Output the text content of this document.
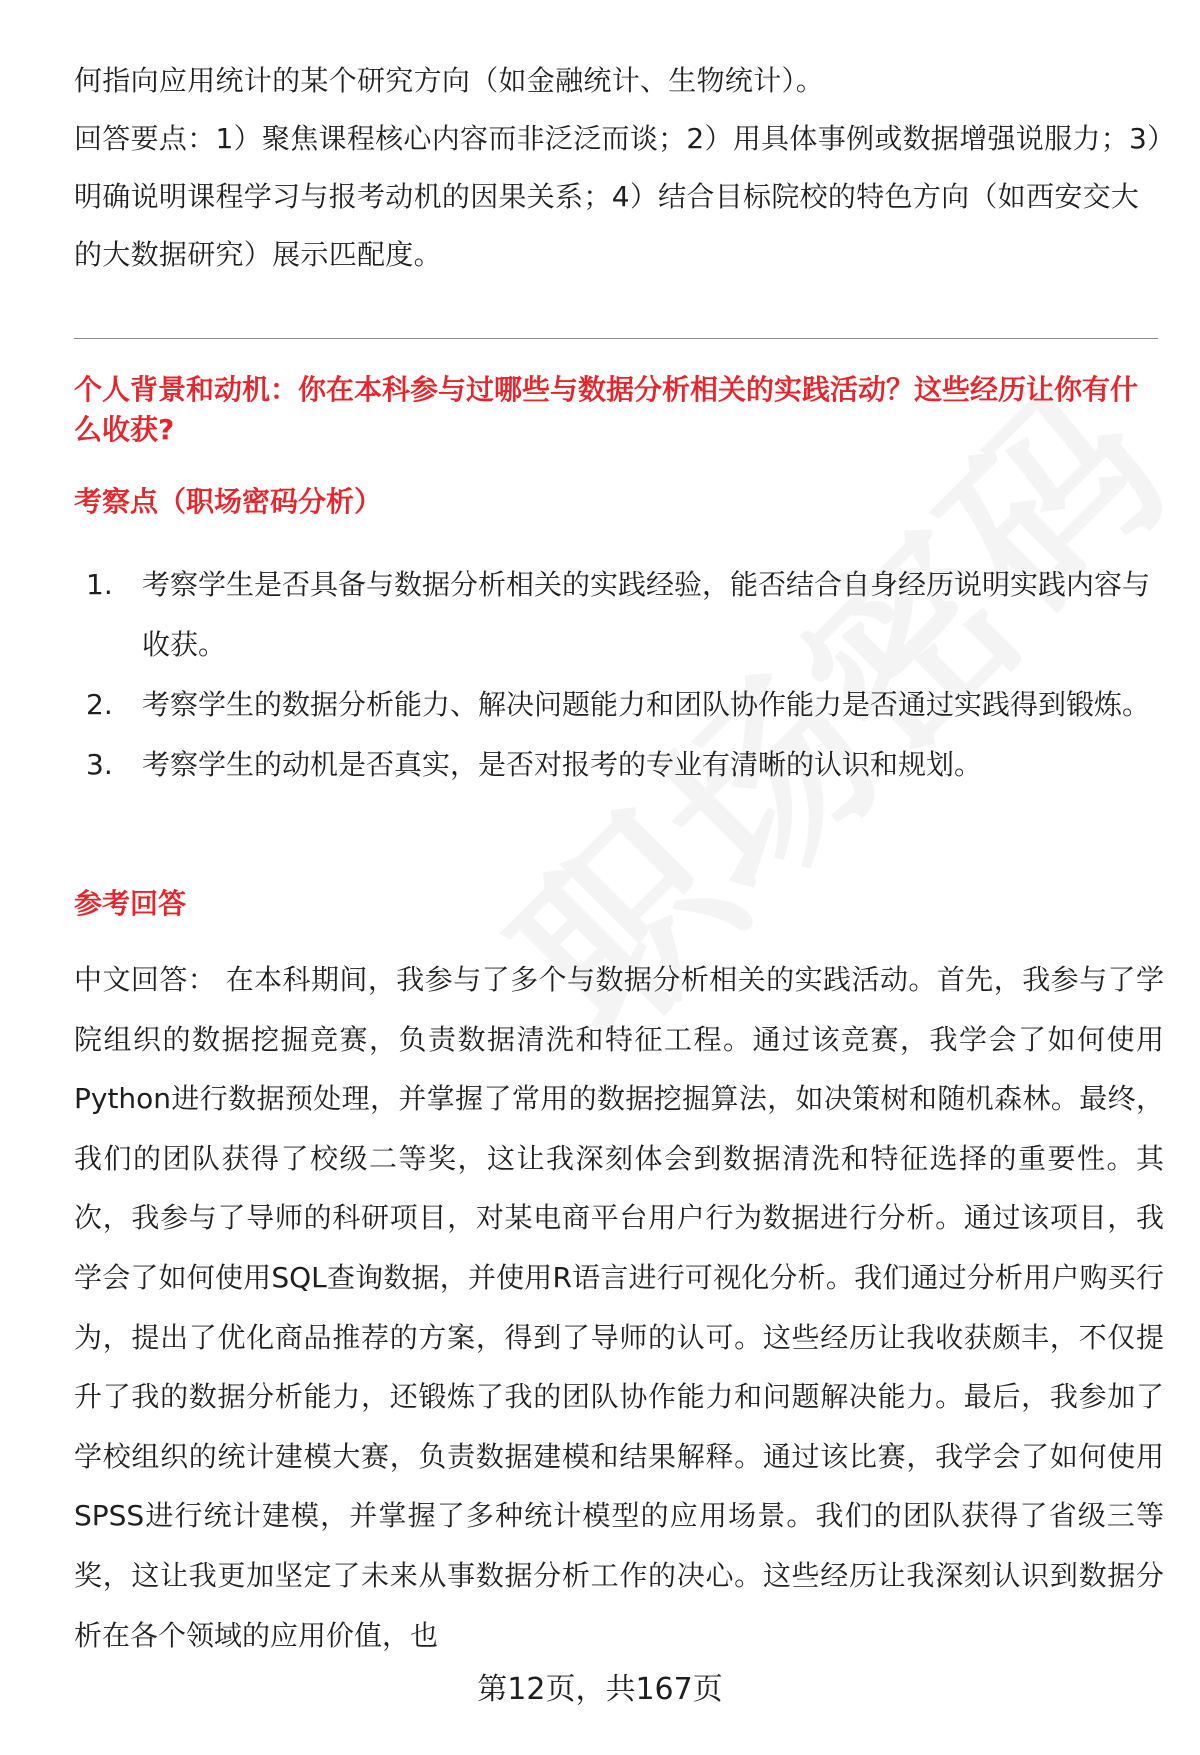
何指向应用统计的某个研究方向（如金融统计、生物统计）。

回答要点：1）聚焦课程核心内容而非泛泛而谈；2）用具体事例或数据增强说服力；3）明确说明课程学习与报考动机的因果关系；4）结合目标院校的特色方向（如西安交大的大数据研究）展示匹配度。

个人背景和动机：你在本科参与过哪些与数据分析相关的实践活动？这些经历让你有什么收获?

考察点（职场密码分析）

1.	考察学生是否具备与数据分析相关的实践经验，能否结合自身经历说明实践内容与收获。
2.	考察学生的数据分析能力、解决问题能力和团队协作能力是否通过实践得到锻炼。
3.	考察学生的动机是否真实，是否对报考的专业有清晰的认识和规划。

参考回答

中文回答： 在本科期间，我参与了多个与数据分析相关的实践活动。首先，我参与了学院组织的数据挖掘竞赛，负责数据清洗和特征工程。通过该竞赛，我学会了如何使用Python进行数据预处理，并掌握了常用的数据挖掘算法，如决策树和随机森林。最终，我们的团队获得了校级二等奖，这让我深刻体会到数据清洗和特征选择的重要性。其次，我参与了导师的科研项目，对某电商平台用户行为数据进行分析。通过该项目，我学会了如何使用SQL查询数据，并使用R语言进行可视化分析。我们通过分析用户购买行为，提出了优化商品推荐的方案，得到了导师的认可。这些经历让我收获颇丰，不仅提升了我的数据分析能力，还锻炼了我的团队协作能力和问题解决能力。最后，我参加了学校组织的统计建模大赛，负责数据建模和结果解释。通过该比赛，我学会了如何使用SPSS进行统计建模，并掌握了多种统计模型的应用场景。我们的团队获得了省级三等奖，这让我更加坚定了未来从事数据分析工作的决心。这些经历让我深刻认识到数据分析在各个领域的应用价值，也

第12页，共167页
